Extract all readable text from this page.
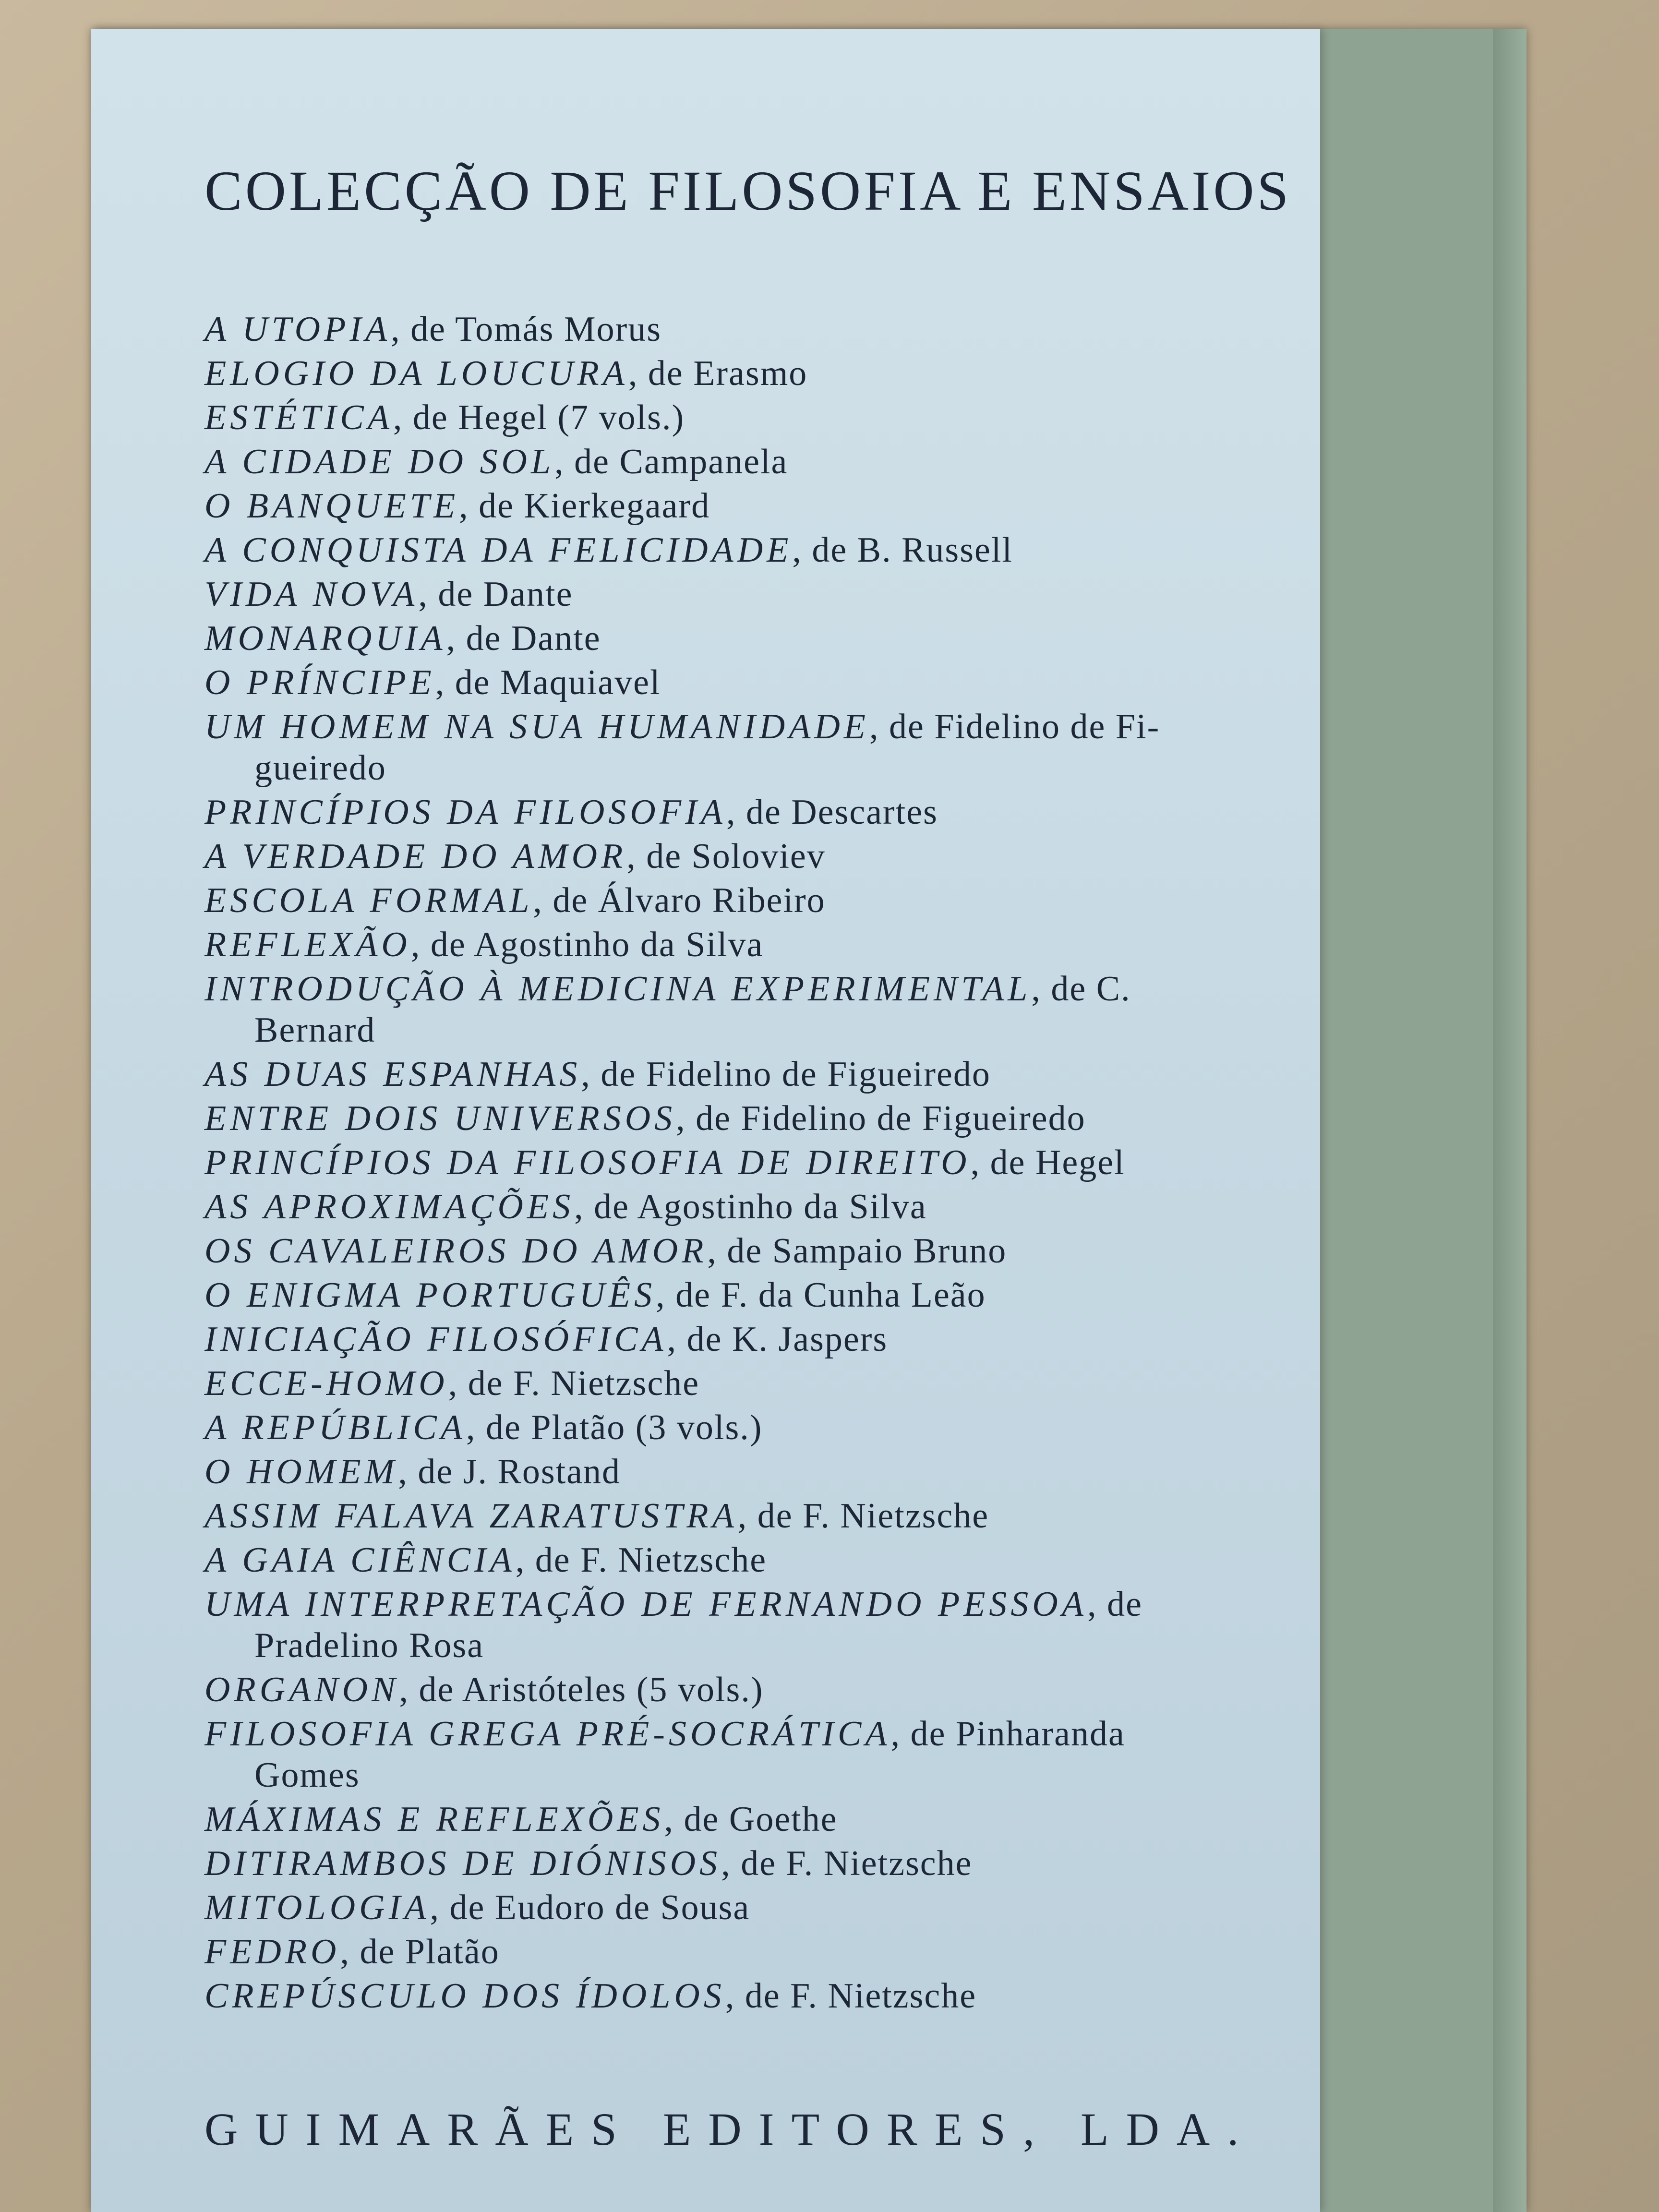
COLECÇÃO DE FILOSOFIA E ENSAIOS
A UTOPIA, de Tomás Morus
ELOGIO DA LOUCURA, de Erasmo
ESTÉTICA, de Hegel (7 vols.)
A CIDADE DO SOL, de Campanela
O BANQUETE, de Kierkegaard
A CONQUISTA DA FELICIDADE, de B. Russell
VIDA NOVA, de Dante
MONARQUIA, de Dante
O PRÍNCIPE, de Maquiavel
UM HOMEM NA SUA HUMANIDADE, de Fidelino de Fi-
gueiredo
PRINCÍPIOS DA FILOSOFIA, de Descartes
A VERDADE DO AMOR, de Soloviev
ESCOLA FORMAL, de Álvaro Ribeiro
REFLEXÃO, de Agostinho da Silva
INTRODUÇÃO À MEDICINA EXPERIMENTAL, de C.
Bernard
AS DUAS ESPANHAS, de Fidelino de Figueiredo
ENTRE DOIS UNIVERSOS, de Fidelino de Figueiredo
PRINCÍPIOS DA FILOSOFIA DE DIREITO, de Hegel
AS APROXIMAÇÕES, de Agostinho da Silva
OS CAVALEIROS DO AMOR, de Sampaio Bruno
O ENIGMA PORTUGUÊS, de F. da Cunha Leão
INICIAÇÃO FILOSÓFICA, de K. Jaspers
ECCE-HOMO, de F. Nietzsche
A REPÚBLICA, de Platão (3 vols.)
O HOMEM, de J. Rostand
ASSIM FALAVA ZARATUSTRA, de F. Nietzsche
A GAIA CIÊNCIA, de F. Nietzsche
UMA INTERPRETAÇÃO DE FERNANDO PESSOA, de
Pradelino Rosa
ORGANON, de Aristóteles (5 vols.)
FILOSOFIA GREGA PRÉ-SOCRÁTICA, de Pinharanda
Gomes
MÁXIMAS E REFLEXÕES, de Goethe
DITIRAMBOS DE DIÓNISOS, de F. Nietzsche
MITOLOGIA, de Eudoro de Sousa
FEDRO, de Platão
CREPÚSCULO DOS ÍDOLOS, de F. Nietzsche
GUIMARÃES EDITORES, LDA.
